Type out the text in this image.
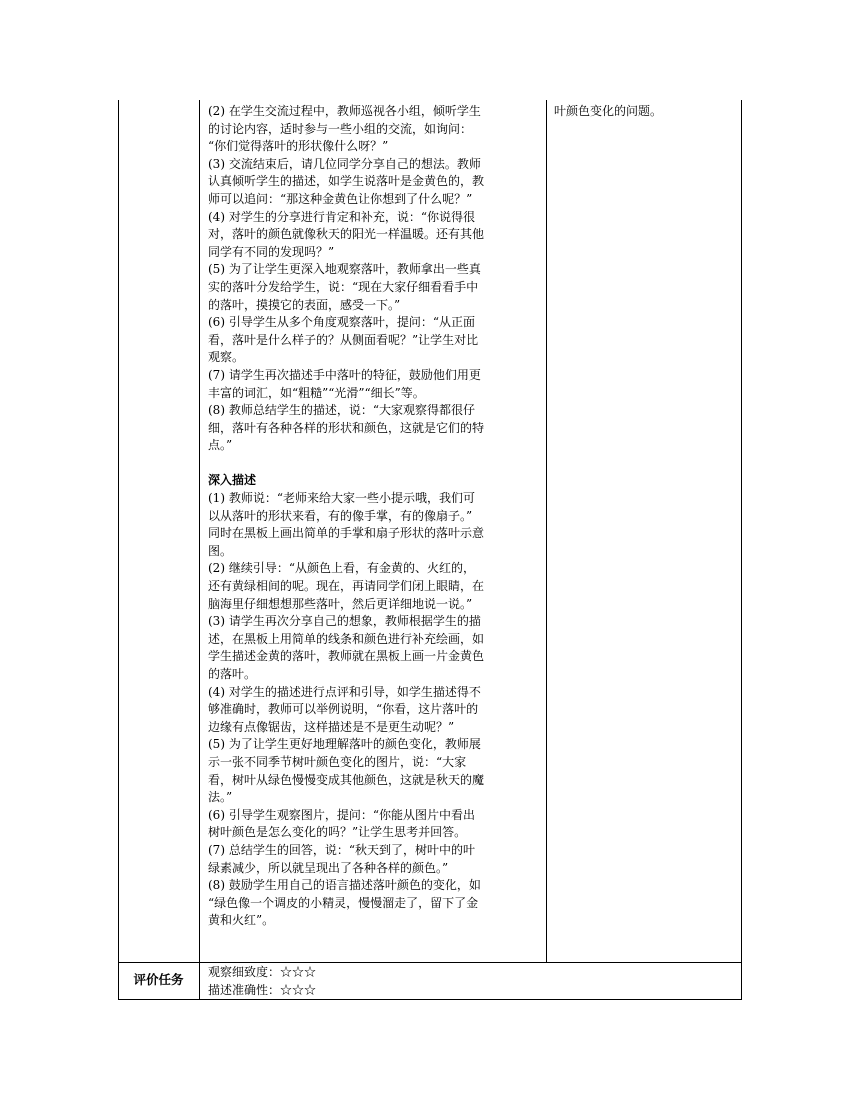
(2) 在学生交流过程中，教师巡视各小组，倾听学生

的讨论内容，适时参与一些小组的交流，如询问：

“你们觉得落叶的形状像什么呀？”

(3) 交流结束后，请几位同学分享自己的想法。教师

认真倾听学生的描述，如学生说落叶是金黄色的，教

师可以追问：“那这种金黄色让你想到了什么呢？”

(4) 对学生的分享进行肯定和补充，说：“你说得很

对，落叶的颜色就像秋天的阳光一样温暖。还有其他

同学有不同的发现吗？”

(5) 为了让学生更深入地观察落叶，教师拿出一些真

实的落叶分发给学生，说：“现在大家仔细看看手中

的落叶，摸摸它的表面，感受一下。”

(6) 引导学生从多个角度观察落叶，提问：“从正面

看，落叶是什么样子的？从侧面看呢？”让学生对比

观察。

(7) 请学生再次描述手中落叶的特征，鼓励他们用更

丰富的词汇，如“粗糙”“光滑”“细长”等。

(8) 教师总结学生的描述，说：“大家观察得都很仔

细，落叶有各种各样的形状和颜色，这就是它们的特

点。”

深入描述

(1) 教师说：“老师来给大家一些小提示哦，我们可

以从落叶的形状来看，有的像手掌，有的像扇子。”

同时在黑板上画出简单的手掌和扇子形状的落叶示意

图。

(2) 继续引导：“从颜色上看，有金黄的、火红的，

还有黄绿相间的呢。现在，再请同学们闭上眼睛，在

脑海里仔细想想那些落叶，然后更详细地说一说。”

(3) 请学生再次分享自己的想象，教师根据学生的描

述，在黑板上用简单的线条和颜色进行补充绘画，如

学生描述金黄的落叶，教师就在黑板上画一片金黄色

的落叶。

(4) 对学生的描述进行点评和引导，如学生描述得不

够准确时，教师可以举例说明，“你看，这片落叶的

边缘有点像锯齿，这样描述是不是更生动呢？”

(5) 为了让学生更好地理解落叶的颜色变化，教师展

示一张不同季节树叶颜色变化的图片，说：“大家

看，树叶从绿色慢慢变成其他颜色，这就是秋天的魔

法。”

(6) 引导学生观察图片，提问：“你能从图片中看出

树叶颜色是怎么变化的吗？”让学生思考并回答。

(7) 总结学生的回答，说：“秋天到了，树叶中的叶

绿素减少，所以就呈现出了各种各样的颜色。”

(8) 鼓励学生用自己的语言描述落叶颜色的变化，如

“绿色像一个调皮的小精灵，慢慢溜走了，留下了金

黄和火红”。

叶颜色变化的问题。

评价任务	观察细致度：☆☆☆

描述准确性：☆☆☆
